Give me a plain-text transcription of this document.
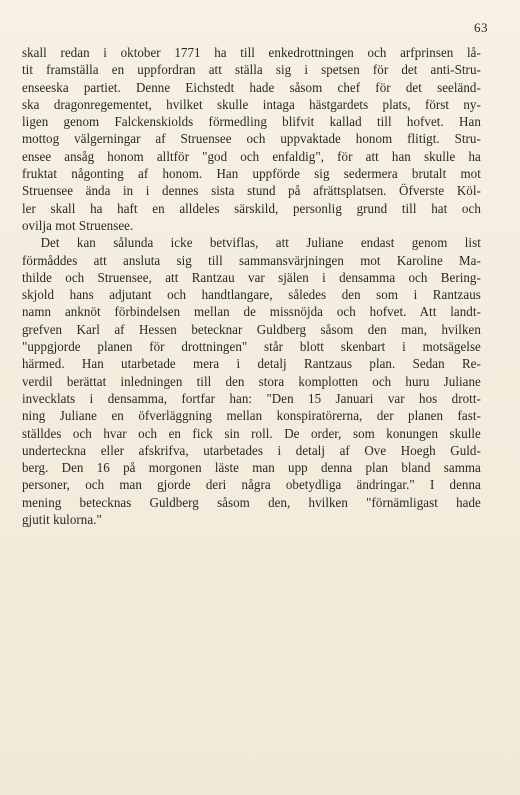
63
skall redan i oktober 1771 ha till enkedrottningen och arfprinsen lå-
tit framställa en uppfordran att ställa sig i spetsen för det anti-Stru-
enseeska partiet. Denne Eichstedt hade såsom chef för det seeländ-
ska dragonregementet, hvilket skulle intaga hästgardets plats, först ny-
ligen genom Falckenskiolds förmedling blifvit kallad till hofvet. Han
mottog välgerningar af Struensee och uppvaktade honom flitigt. Stru-
ensee ansåg honom alltför "god och enfaldig", för att han skulle ha
fruktat någonting af honom. Han uppförde sig sedermera brutalt mot
Struensee ända in i dennes sista stund på afrättsplatsen. Öfverste Köl-
ler skall ha haft en alldeles särskild, personlig grund till hat och
ovilja mot Struensee.
Det kan sålunda icke betviflas, att Juliane endast genom list
förmåddes att ansluta sig till sammansvärjningen mot Karoline Ma-
thilde och Struensee, att Rantzau var själen i densamma och Bering-
skjold hans adjutant och handtlangare, således den som i Rantzaus
namn anknöt förbindelsen mellan de missnöjda och hofvet. Att landt-
grefven Karl af Hessen betecknar Guldberg såsom den man, hvilken
"uppgjorde planen för drottningen" står blott skenbart i motsägelse
härmed. Han utarbetade mera i detalj Rantzaus plan. Sedan Re-
verdil berättat inledningen till den stora komplotten och huru Juliane
invecklats i densamma, fortfar han: "Den 15 Januari var hos drott-
ning Juliane en öfverläggning mellan konspiratörerna, der planen fast-
ställdes och hvar och en fick sin roll. De order, som konungen skulle
underteckna eller afskrifva, utarbetades i detalj af Ove Hoegh Guld-
berg. Den 16 på morgonen läste man upp denna plan bland samma
personer, och man gjorde deri några obetydliga ändringar." I denna
mening betecknas Guldberg såsom den, hvilken "förnämligast hade
gjutit kulorna."
